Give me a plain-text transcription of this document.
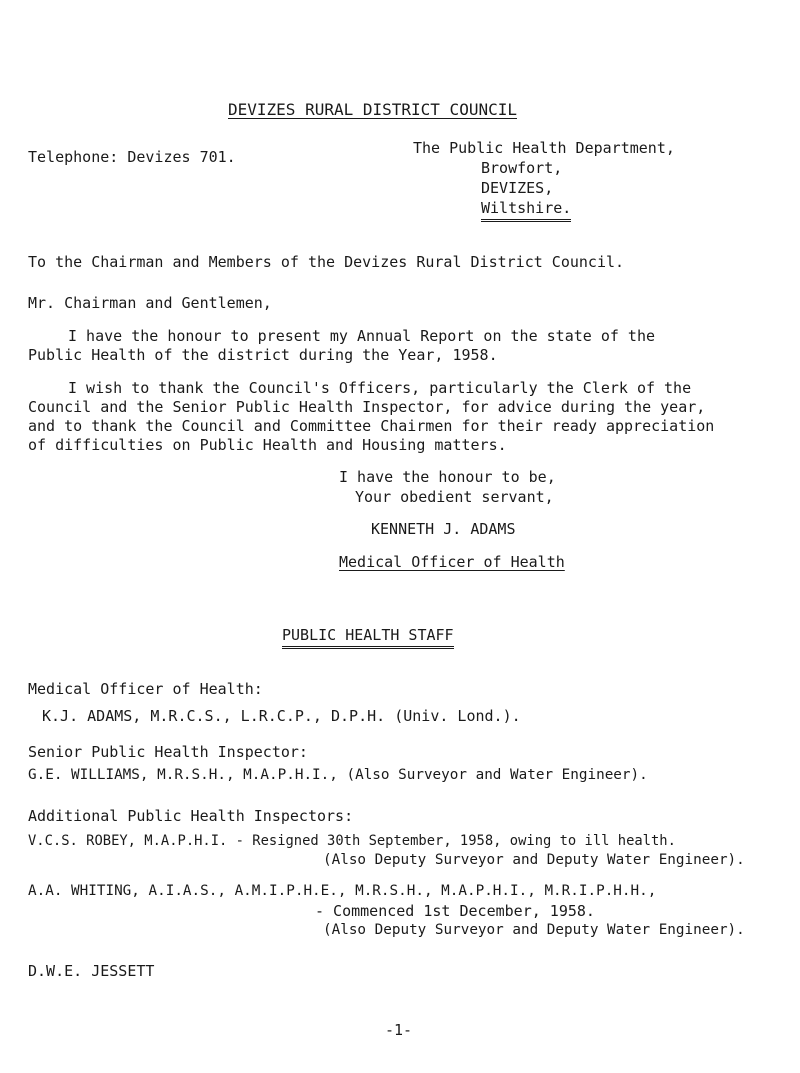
DEVIZES RURAL DISTRICT COUNCIL
Telephone: Devizes 701.	The Public Health Department,
Browfort,
DEVIZES,
Wiltshire.
To the Chairman and Members of the Devizes Rural District Council.
Mr. Chairman and Gentlemen,
I have the honour to present my Annual Report on the state of the
Public Health of the district during the Year, 1958.
I wish to thank the Council's Officers, particularly the Clerk of the
Council and the Senior Public Health Inspector, for advice during the year,
and to thank the Council and Committee Chairmen for their ready appreciation
of difficulties on Public Health and Housing matters.
I have the honour to be,
Your obedient servant,
KENNETH J. ADAMS
Medical Officer of Health
PUBLIC HEALTH STAFF
Medical Officer of Health:
K.J. ADAMS, M.R.C.S., L.R.C.P., D.P.H. (Univ. Lond.).
Senior Public Health Inspector:
G.E. WILLIAMS, M.R.S.H., M.A.P.H.I., (Also Surveyor and Water Engineer).
Additional Public Health Inspectors:
V.C.S. ROBEY, M.A.P.H.I. - Resigned 30th September, 1958, owing to ill health.
(Also Deputy Surveyor and Deputy Water Engineer).
A.A. WHITING, A.I.A.S., A.M.I.P.H.E., M.R.S.H., M.A.P.H.I., M.R.I.P.H.H.,
- Commenced 1st December, 1958.
(Also Deputy Surveyor and Deputy Water Engineer).
D.W.E. JESSETT
-1-
